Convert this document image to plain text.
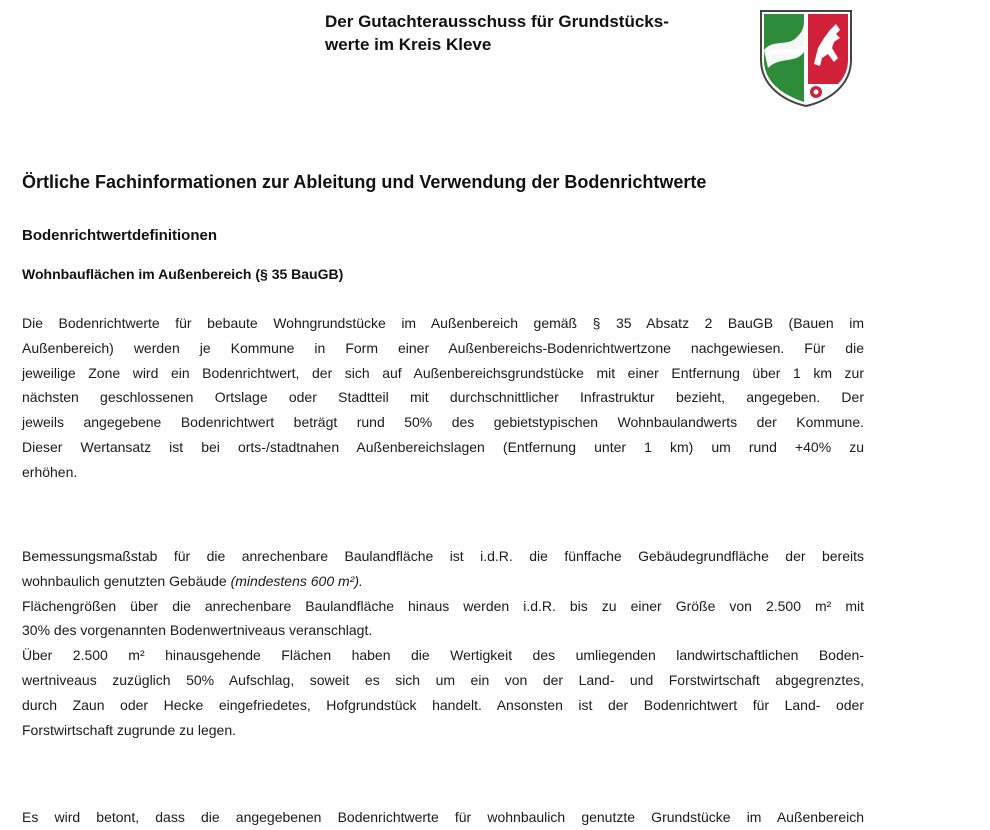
Der Gutachterausschuss für Grundstücks-
werte im Kreis Kleve
Örtliche Fachinformationen zur Ableitung und Verwendung der Bodenrichtwerte
Bodenrichtwertdefinitionen
Wohnbauflächen im Außenbereich (§ 35 BauGB)
Die Bodenrichtwerte für bebaute Wohngrundstücke im Außenbereich gemäß § 35 Absatz 2 BauGB (Bauen im
Außenbereich) werden je Kommune in Form einer Außenbereichs-Bodenrichtwertzone nachgewiesen. Für die
jeweilige Zone wird ein Bodenrichtwert, der sich auf Außenbereichsgrundstücke mit einer Entfernung über 1 km zur
nächsten geschlossenen Ortslage oder Stadtteil mit durchschnittlicher Infrastruktur bezieht, angegeben. Der
jeweils angegebene Bodenrichtwert beträgt rund 50% des gebietstypischen Wohnbaulandwerts der Kommune.
Dieser Wertansatz ist bei orts-/stadtnahen Außenbereichslagen (Entfernung unter 1 km) um rund +40% zu
erhöhen.
Bemessungsmaßstab für die anrechenbare Baulandfläche ist i.d.R. die fünffache Gebäudegrundfläche der bereits
wohnbaulich genutzten Gebäude (mindestens 600 m²).
Flächengrößen über die anrechenbare Baulandfläche hinaus werden i.d.R. bis zu einer Größe von 2.500 m² mit
30% des vorgenannten Bodenwertniveaus veranschlagt.
Über 2.500 m² hinausgehende Flächen haben die Wertigkeit des umliegenden landwirtschaftlichen Boden-
wertniveaus zuzüglich 50% Aufschlag, soweit es sich um ein von der Land- und Forstwirtschaft abgegrenztes,
durch Zaun oder Hecke eingefriedetes, Hofgrundstück handelt. Ansonsten ist der Bodenrichtwert für Land- oder
Forstwirtschaft zugrunde zu legen.
Es wird betont, dass die angegebenen Bodenrichtwerte für wohnbaulich genutzte Grundstücke im Außenbereich
